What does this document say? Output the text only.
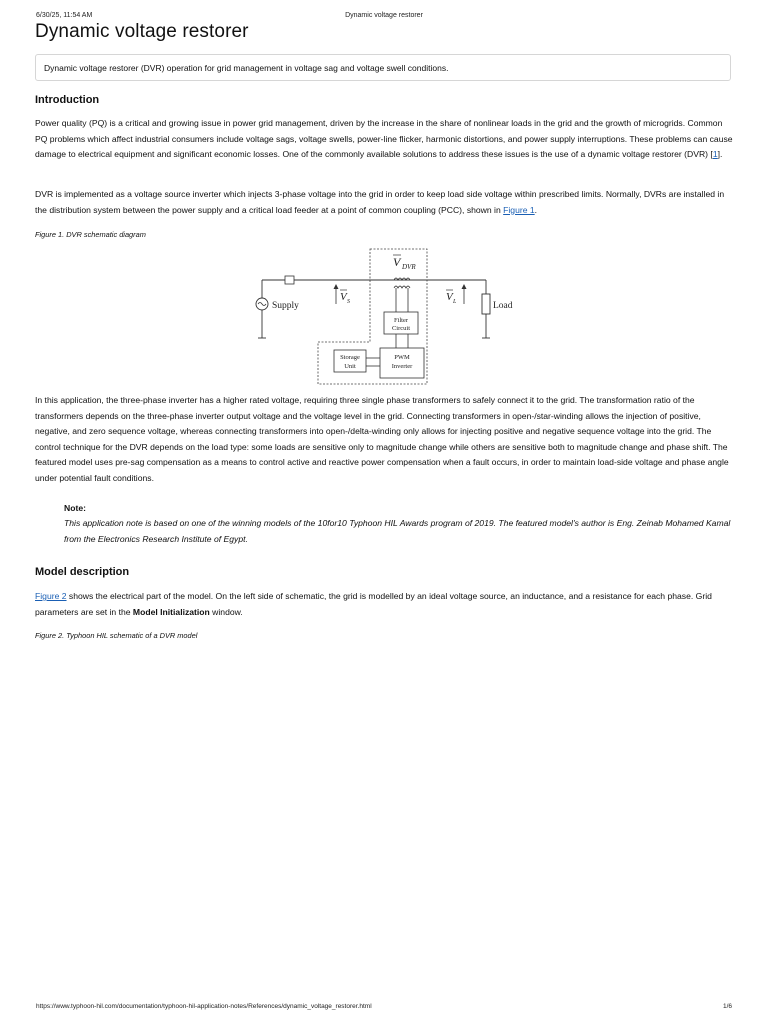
6/30/25, 11:54 AM	Dynamic voltage restorer
Dynamic voltage restorer
Dynamic voltage restorer (DVR) operation for grid management in voltage sag and voltage swell conditions.
Introduction

Power quality (PQ) is a critical and growing issue in power grid management, driven by the increase in the share of nonlinear loads in the grid and the growth of microgrids. Common PQ problems which affect industrial consumers include voltage sags, voltage swells, power-line flicker, harmonic distortions, and power supply interruptions. These problems can cause damage to electrical equipment and significant economic losses. One of the commonly available solutions to address these issues is the use of a dynamic voltage restorer (DVR) [1].

DVR is implemented as a voltage source inverter which injects 3-phase voltage into the grid in order to keep load side voltage within prescribed limits. Normally, DVRs are installed in the distribution system between the power supply and a critical load feeder at a point of common coupling (PCC), shown in Figure 1.

Figure 1. DVR schematic diagram

Supply
V S	V L	Load
V DVR
Filter
Circuit
PWM
Inverter
Storage
Unit

In this application, the three-phase inverter has a higher rated voltage, requiring three single phase transformers to safely connect it to the grid. The transformation ratio of the transformers depends on the three-phase inverter output voltage and the voltage level in the grid. Connecting transformers in open-/star-winding allows the injection of positive, negative, and zero sequence voltage, whereas connecting transformers into open-/delta-winding only allows for injecting positive and negative sequence voltage into the grid. The control technique for the DVR depends on the load type: some loads are sensitive only to magnitude change while others are sensitive both to magnitude change and phase shift. The featured model uses pre-sag compensation as a means to control active and reactive power compensation when a fault occurs, in order to maintain load-side voltage and phase angle under potential fault conditions.

Note:

This application note is based on one of the winning models of the 10for10 Typhoon HIL Awards program of 2019. The featured model's author is Eng. Zeinab Mohamed Kamal from the Electronics Research Institute of Egypt.

Model description

Figure 2 shows the electrical part of the model. On the left side of schematic, the grid is modelled by an ideal voltage source, an inductance, and a resistance for each phase. Grid parameters are set in the Model Initialization window.

Figure 2. Typhoon HIL schematic of a DVR model

https://www.typhoon-hil.com/documentation/typhoon-hil-application-notes/References/dynamic_voltage_restorer.html	1/6
